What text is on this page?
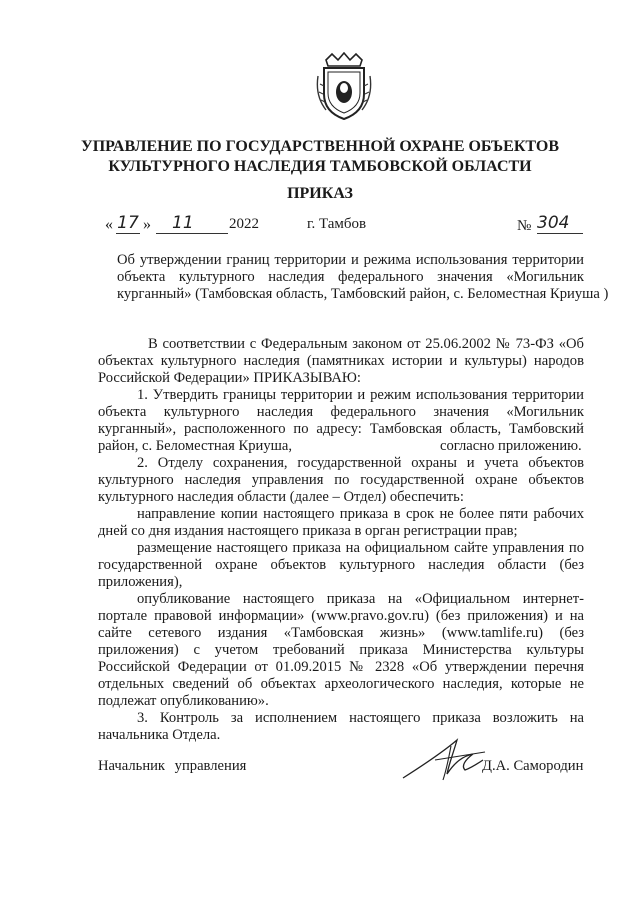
УПРАВЛЕНИЕ ПО ГОСУДАРСТВЕННОЙ ОХРАНЕ ОБЪЕКТОВ
КУЛЬТУРНОГО НАСЛЕДИЯ ТАМБОВСКОЙ ОБЛАСТИ
ПРИКАЗ
« 17 »	11	2022	г. Тамбов	№ 304
Об утверждении границ территории и режима использования территории
объекта культурного наследия федерального значения «Могильник
курганный» (Тамбовская область, Тамбовский район, с. Беломестная Криуша )
В соответствии с Федеральным законом от 25.06.2002 № 73-ФЗ «Об
объектах культурного наследия (памятниках истории и культуры) народов
Российской Федерации» ПРИКАЗЫВАЮ:
1. Утвердить границы территории и режим использования территории
объекта культурного наследия федерального значения «Могильник
курганный», расположенного по адресу: Тамбовская область, Тамбовский
район, с. Беломестная Криуша,	согласно приложению.
2. Отделу сохранения, государственной охраны и учета объектов
культурного наследия управления по государственной охране объектов
культурного наследия области (далее – Отдел) обеспечить:
направление копии настоящего приказа в срок не более пяти рабочих
дней со дня издания настоящего приказа в орган регистрации прав;
размещение настоящего приказа на официальном сайте управления по
государственной охране объектов культурного наследия области (без
приложения),
опубликование настоящего приказа на «Официальном интернет-
портале правовой информации» (www.pravo.gov.ru) (без приложения) и на
сайте сетевого издания «Тамбовская жизнь» (www.tamlife.ru) (без
приложения) с учетом требований приказа Министерства культуры
Российской Федерации от 01.09.2015 № 2328 «Об утверждении перечня
отдельных сведений об объектах археологического наследия, которые не
подлежат опубликованию».
3. Контроль за исполнением настоящего приказа возложить на
начальника Отдела.
Начальник управления	Д.А. Самородин
